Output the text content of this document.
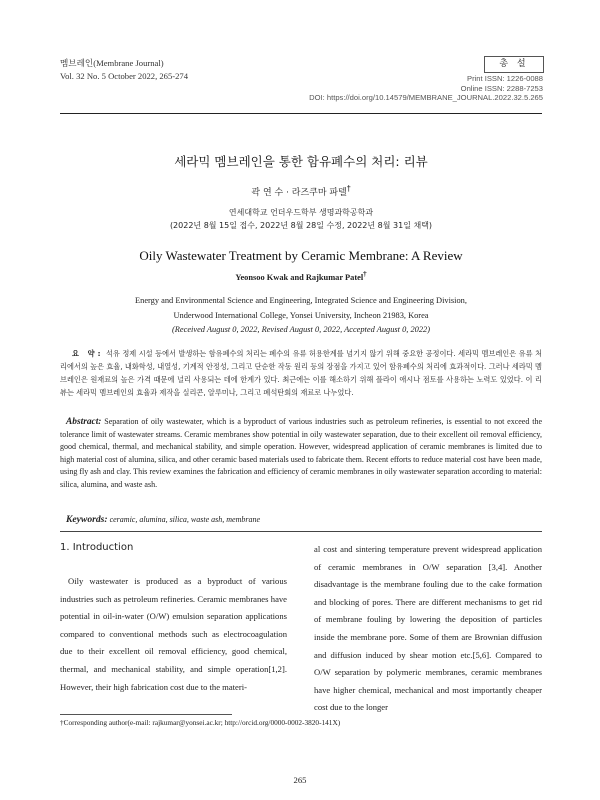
멤브레인(Membrane Journal)
Vol. 32 No. 5 October 2022, 265-274
총 설
Print ISSN: 1226-0088
Online ISSN: 2288-7253
DOI: https://doi.org/10.14579/MEMBRANE_JOURNAL.2022.32.5.265
세라믹 멤브레인을 통한 함유폐수의 처리: 리뷰
곽 연 수 · 라즈쿠마 파텔†
연세대학교 언더우드학부 생명과학공학과
(2022년 8월 15일 접수, 2022년 8월 28일 수정, 2022년 8월 31일 채택)
Oily Wastewater Treatment by Ceramic Membrane: A Review
Yeonsoo Kwak and Rajkumar Patel†
Energy and Environmental Science and Engineering, Integrated Science and Engineering Division,
Underwood International College, Yonsei University, Incheon 21983, Korea
(Received August 0, 2022, Revised August 0, 2022, Accepted August 0, 2022)
요 약: 석유 정제 시설 등에서 발생하는 함유폐수의 처리는 폐수의 유류 허용한계를 넘기지 않기 위해 중요한 공정이다. 세라믹 멤브레인은 유류 처리에서의 높은 효율, 내화학성, 내열성, 기계적 안정성, 그리고 단순한 작동 원리 등의 장점을 가지고 있어 함유폐수의 처리에 효과적이다. 그러나 세라믹 멤브레인은 원재료의 높은 가격 때문에 널리 사용되는 데에 한계가 있다. 최근에는 이를 해소하기 위해 플라이 애시나 점토를 사용하는 노력도 있었다. 이 리뷰는 세라믹 멤브레인의 효율과 제작을 실리콘, 알루미나, 그리고 폐석탄회의 재료로 나누었다.
Abstract: Separation of oily wastewater, which is a byproduct of various industries such as petroleum refineries, is essential to not exceed the tolerance limit of wastewater streams. Ceramic membranes show potential in oily wastewater separation, due to their excellent oil removal efficiency, good chemical, thermal, and mechanical stability, and simple operation. However, widespread application of ceramic membranes is limited due to high material cost of alumina, silica, and other ceramic based materials used to fabricate them. Recent efforts to reduce material cost have been made, using fly ash and clay. This review examines the fabrication and efficiency of ceramic membranes in oily wastewater separation according to material: silica, alumina, and waste ash.
Keywords: ceramic, alumina, silica, waste ash, membrane
1. Introduction
Oily wastewater is produced as a byproduct of various industries such as petroleum refineries. Ceramic membranes have potential in oil-in-water (O/W) emulsion separation applications compared to conventional methods such as electrocoagulation due to their excellent oil removal efficiency, good chemical, thermal, and mechanical stability, and simple operation[1,2]. However, their high fabrication cost due to the materi-
al cost and sintering temperature prevent widespread application of ceramic membranes in O/W separation [3,4]. Another disadvantage is the membrane fouling due to the cake formation and blocking of pores. There are different mechanisms to get rid of membrane fouling by lowering the deposition of particles inside the membrane pore. Some of them are Brownian diffusion and diffusion induced by shear motion etc.[5,6]. Compared to O/W separation by polymeric membranes, ceramic membranes have higher chemical, mechanical and most importantly cheaper cost due to the longer
†Corresponding author(e-mail: rajkumar@yonsei.ac.kr; http://orcid.org/0000-0002-3820-141X)
265
